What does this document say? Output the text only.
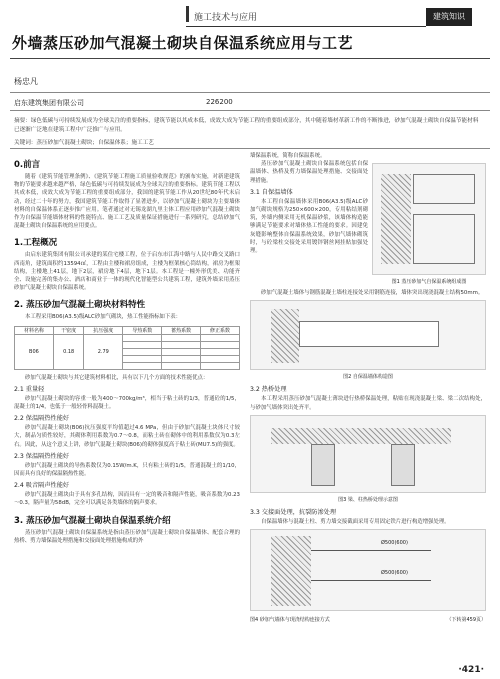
施工技术与应用	建筑知识
外墙蒸压砂加气混凝土砌块自保温系统应用与工艺
杨忠凡
启东建筑集团有限公司	226200
摘要：绿色低碳与可持续发展成为全球关注的重要指标，建筑节能以其成本低，成效大成为节能工程的重要组成部分，其中随着墙材革新工作的不断推进，砂加气混凝土砌块自保温节能材料已逐渐广泛地在建筑工程中广泛推广与应用。
关键词：蒸压砂加气混凝土砌块；自保温体系；施工工艺
0.前言

随着《建筑节能管理条例》、《建筑节能工程施工质量验收规范》的颁布实施，对新建建筑物的节能要求越来越严格，绿色低碳与可持续发展成为全球关注的重要指标。建筑节能工程以其成本低，成效大成为节能工程的重要组成部分，我国的建筑节能工作从20世纪80年代末启动，经过二十年的努力，我国建筑节能工作取得了显著进步，以砂加气混凝土砌块为主要墙体材料的自保温体系正逐步推广应用。笔者通过对无锡龙湖九里主体工程应用砂加气混凝土砌块作为自保温节能墙体材料的性能特点、施工工艺及质量保证措施进行一系列研究，总结砂加气混凝土砌块自保温系统的应用要点。

1.工程概况

由启东建筑集团有限公司承建的某住宅楼工程，位于启东市江海中路与人民中路交叉路口西南角，建筑面积约13594㎡，工程由主楼和裙房组成，主楼为框架核心筒结构，裙房为框架结构，主楼地上41层，地下2层，裙房地下4层，地下1层。本工程是一幢外形优美、功能齐全、设施完善的集办公、酒店和商业于一体的现代化智能型公共建筑工程，建筑外墙采用蒸压砂加气混凝土砌块自保温系统。

2. 蒸压砂加气混凝土砌块材料特性

本工程采用B06(A3.5)级ALC砂加气砌块，热工性能指标如下表：

材料名称	干密度	抗压强度	导热系数	蓄热系数	修正系数
B06	0.18	2.79			

砂加气混凝土砌块与其它建筑材料相比，具有以下几个方面的技术性能优点：

2.1 重量轻

砂加气混凝土砌块的容重一般为400～700kg/m³，相当于粘土砖的1/3，普通砼的1/5，混凝土的1/4，也低于一般轻骨料混凝土。

2.2 保温隔热性能好

砂加气混凝土砌块(B06)抗压强度平均值超过4.6 MPa，但由于砂加气混凝土块体尺寸较大，制品匀质性较好，其砌体利用系数为0.7～0.8，而粘土砖在砌体中的利用系数仅为0.3左右。因此，从这个意义上讲，砂加气混凝土砌块(B06)的砌体强度高于粘土砖(MU7.5)的强度。

2.3 保温隔热性能好

砂加气混凝土砌块的导热系数仅为0.15W/m.K，只有粘土砖的1/5，普通混凝土的1/10，因而具有良好的保温隔热性能。

2.4 吸音隔声性能好

砂加气混凝土砌块由于具有多孔结构，因而具有一定的吸音和隔声性能，吸音系数为0.23～0.3，隔声量为58dB，完全可以满足各类墙体的隔声要求。

3. 蒸压砂加气混凝土砌块自保温系统介绍

蒸压砂加气混凝土砌块自保温系统是指由蒸压砂加气混凝土砌块自保温墙体、配套合理的热桥、剪力墙保温处理措施和交接面处理措施构成的外

墙保温系统，简称自保温系统。

蒸压砂加气混凝土砌块自保温系统包括自保温墙体、热桥及剪力墙保温处理措施、交接面处理措施。

3.1 自保温墙体

本工程自保温墙体采用B06(A3.5)级ALC砂加气砌块规格为250×600×200，专用粘结剂砌筑，外墙内侧采用无机保温砂浆，该墙体构造能够满足节能要求对墙体热工性能的要求。因建免灰缝影响整体自保温系统效果，砂加气墙体砌筑时，与砼梁柱交接处采用镀锌钢丝网挂贴加强处理。

图1 蒸压砂加气自保温系统组成图

砂加气混凝土墙体与钢筋混凝土墙柱连接处采用钢筋连接，墙体突出现浇混凝土结构50mm。

图2 自保温墙体构造图
3.2 热桥处理

本工程采用蒸压砂加气混凝土薄块进行热桥保温处理，粘贴在现浇混凝土梁、梁二次结构处，与砂加气墙体突出处齐平。

图3 梁、柱热桥处理示意图
3.3 交接面处理，抗裂防渗处理

自保温墙体与混凝土柱、剪力墙交接截面采用专用固定铁片进行构造增强处理。

Ø500(600)
Ø500(600)
图4 砂加气墙体与现浇结构连接方式	（下转第459页）
·421·
